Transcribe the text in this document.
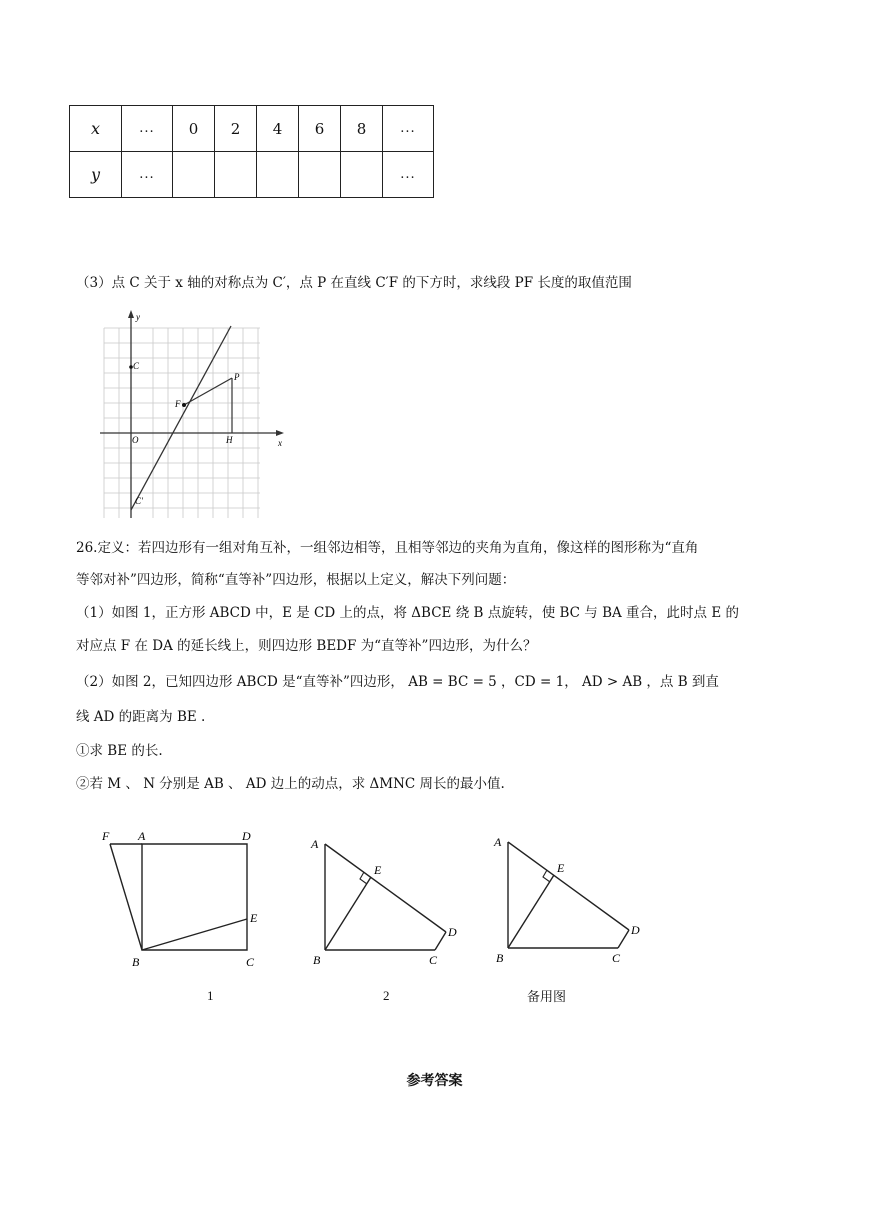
x	...	0	2	4	6	8	...
y	...						...
（3）点 C 关于 x 轴的对称点为 C′，点 P 在直线 C′F 的下方时，求线段 PF 长度的取值范围
y
x
C
O
F
P
H
C′
26.定义：若四边形有一组对角互补，一组邻边相等，且相等邻边的夹角为直角，像这样的图形称为“直角
等邻对补”四边形，简称“直等补”四边形，根据以上定义，解决下列问题：
（1）如图 1，正方形 ABCD 中，E 是 CD 上的点，将 ΔBCE 绕 B 点旋转，使 BC 与 BA 重合，此时点 E 的
对应点 F 在 DA 的延长线上，则四边形 BEDF 为“直等补”四边形，为什么？
（2）如图 2，已知四边形 ABCD 是“直等补”四边形， AB = BC = 5 ，CD = 1， AD > AB ，点 B 到直
线 AD 的距离为 BE .
①求 BE 的长.
②若 M 、 N 分别是 AB 、 AD 边上的动点，求 ΔMNC 周长的最小值.
F A	D
E
B	C
1
A
E
D
B	C
2
A
E
D
B	C
备用图
参考答案
